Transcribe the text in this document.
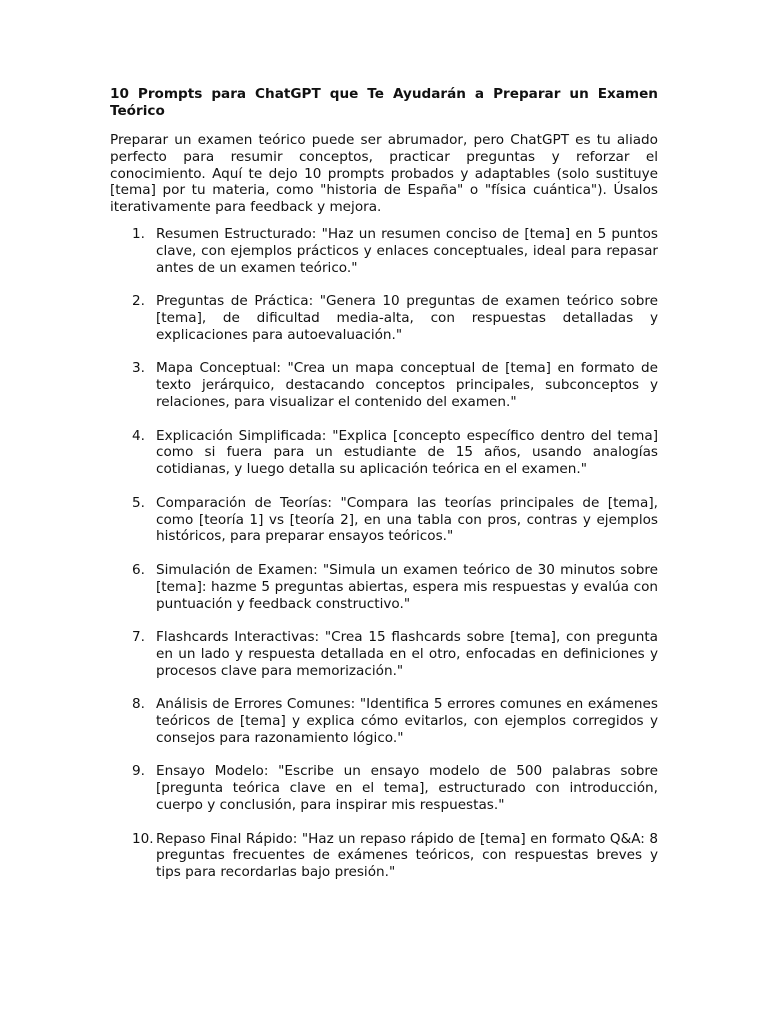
10 Prompts para ChatGPT que Te Ayudarán a Preparar un Examen Teórico

Preparar un examen teórico puede ser abrumador, pero ChatGPT es tu aliado perfecto para resumir conceptos, practicar preguntas y reforzar el conocimiento. Aquí te dejo 10 prompts probados y adaptables (solo sustituye [tema] por tu materia, como "historia de España" o "física cuántica"). Úsalos iterativamente para feedback y mejora.

1. Resumen Estructurado: "Haz un resumen conciso de [tema] en 5 puntos clave, con ejemplos prácticos y enlaces conceptuales, ideal para repasar antes de un examen teórico."
2. Preguntas de Práctica: "Genera 10 preguntas de examen teórico sobre [tema], de dificultad media-alta, con respuestas detalladas y explicaciones para autoevaluación."
3. Mapa Conceptual: "Crea un mapa conceptual de [tema] en formato de texto jerárquico, destacando conceptos principales, subconceptos y relaciones, para visualizar el contenido del examen."
4. Explicación Simplificada: "Explica [concepto específico dentro del tema] como si fuera para un estudiante de 15 años, usando analogías cotidianas, y luego detalla su aplicación teórica en el examen."
5. Comparación de Teorías: "Compara las teorías principales de [tema], como [teoría 1] vs [teoría 2], en una tabla con pros, contras y ejemplos históricos, para preparar ensayos teóricos."
6. Simulación de Examen: "Simula un examen teórico de 30 minutos sobre [tema]: hazme 5 preguntas abiertas, espera mis respuestas y evalúa con puntuación y feedback constructivo."
7. Flashcards Interactivas: "Crea 15 flashcards sobre [tema], con pregunta en un lado y respuesta detallada en el otro, enfocadas en definiciones y procesos clave para memorización."
8. Análisis de Errores Comunes: "Identifica 5 errores comunes en exámenes teóricos de [tema] y explica cómo evitarlos, con ejemplos corregidos y consejos para razonamiento lógico."
9. Ensayo Modelo: "Escribe un ensayo modelo de 500 palabras sobre [pregunta teórica clave en el tema], estructurado con introducción, cuerpo y conclusión, para inspirar mis respuestas."
10. Repaso Final Rápido: "Haz un repaso rápido de [tema] en formato Q&A: 8 preguntas frecuentes de exámenes teóricos, con respuestas breves y tips para recordarlas bajo presión."
